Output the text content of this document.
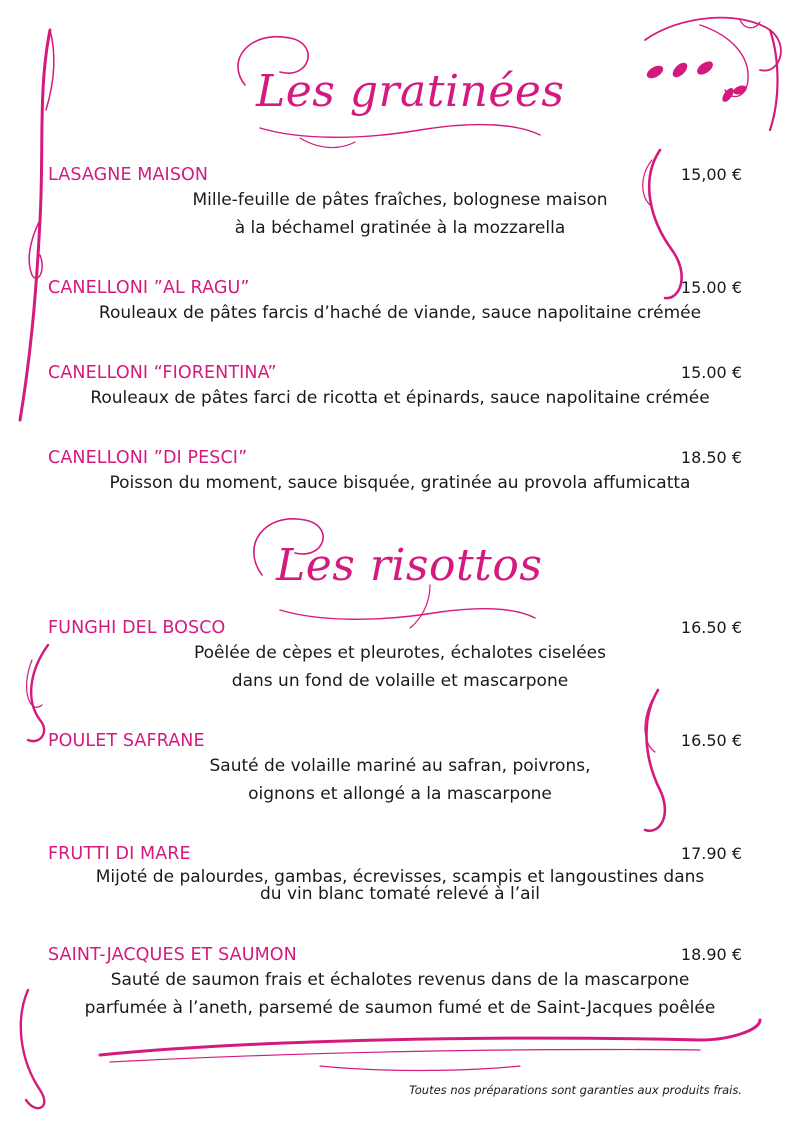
Les gratinées
LASAGNE MAISON	15,00 €
Mille-feuille de pâtes fraîches, bolognese maison
à la béchamel gratinée à la mozzarella
CANELLONI ”AL RAGU”	15.00 €
Rouleaux de pâtes farcis d’haché de viande, sauce napolitaine crémée
CANELLONI “FIORENTINA”	15.00 €
Rouleaux de pâtes farci de ricotta et épinards, sauce napolitaine crémée
CANELLONI ”DI PESCI”	18.50 €
Poisson du moment, sauce bisquée, gratinée au provola affumicatta
Les risottos
FUNGHI DEL BOSCO	16.50 €
Poêlée de cèpes et pleurotes, échalotes ciselées
dans un fond de volaille et mascarpone
POULET SAFRANE	16.50 €
Sauté de volaille mariné au safran, poivrons,
oignons et allongé a la mascarpone
FRUTTI DI MARE	17.90 €
Mijoté de palourdes, gambas, écrevisses, scampis et langoustines dans
du vin blanc tomaté relevé à l’ail
SAINT-JACQUES ET SAUMON	18.90 €
Sauté de saumon frais et échalotes revenus dans de la mascarpone
parfumée à l’aneth, parsemé de saumon fumé et de Saint-Jacques poêlée
Toutes nos préparations sont garanties aux produits frais.
